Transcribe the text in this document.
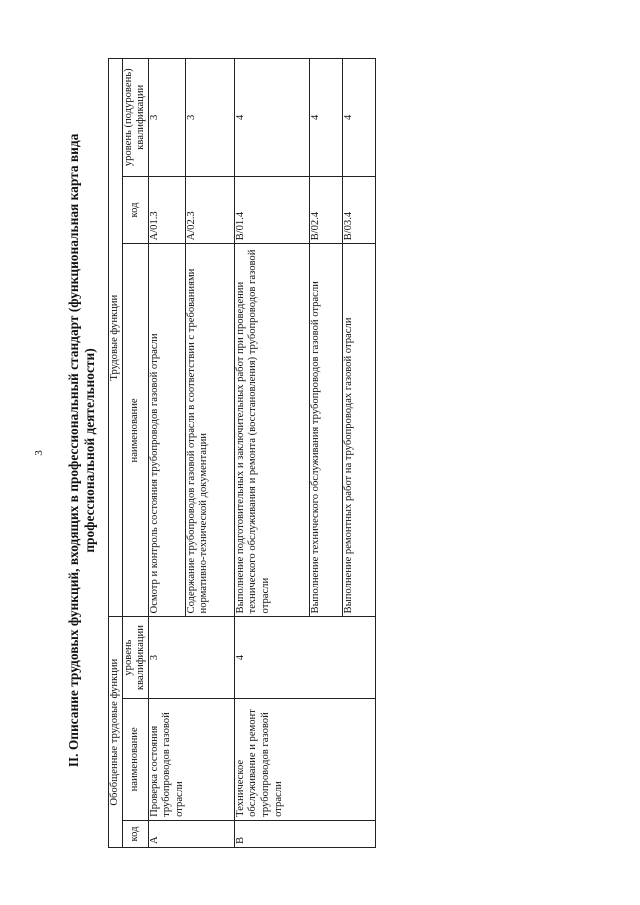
3 II. Описание трудовых функций, входящих в профессиональный стандарт (функциональная карта вида профессиональной деятельности)
Обобщенные трудовые функции			Трудовые функции		
код	наименование	уровень квалификации	наименование	код	уровень (подуровень) квалификации
А	Проверка состояния трубопроводов газовой отрасли	3	Осмотр и контроль состояния трубопроводов газовой отрасли	A/01.3	3
			Содержание трубопроводов газовой отрасли в соответствии с требованиями нормативно-технической документации	A/02.3	3
В	Техническое обслуживание и ремонт трубопроводов газовой отрасли	4	Выполнение подготовительных и заключительных работ при проведении технического обслуживания и ремонта (восстановления) трубопроводов газовой отрасли	B/01.4	4
			Выполнение технического обслуживания трубопроводов газовой отрасли	B/02.4	4
			Выполнение ремонтных работ на трубопроводах газовой отрасли	B/03.4	4
